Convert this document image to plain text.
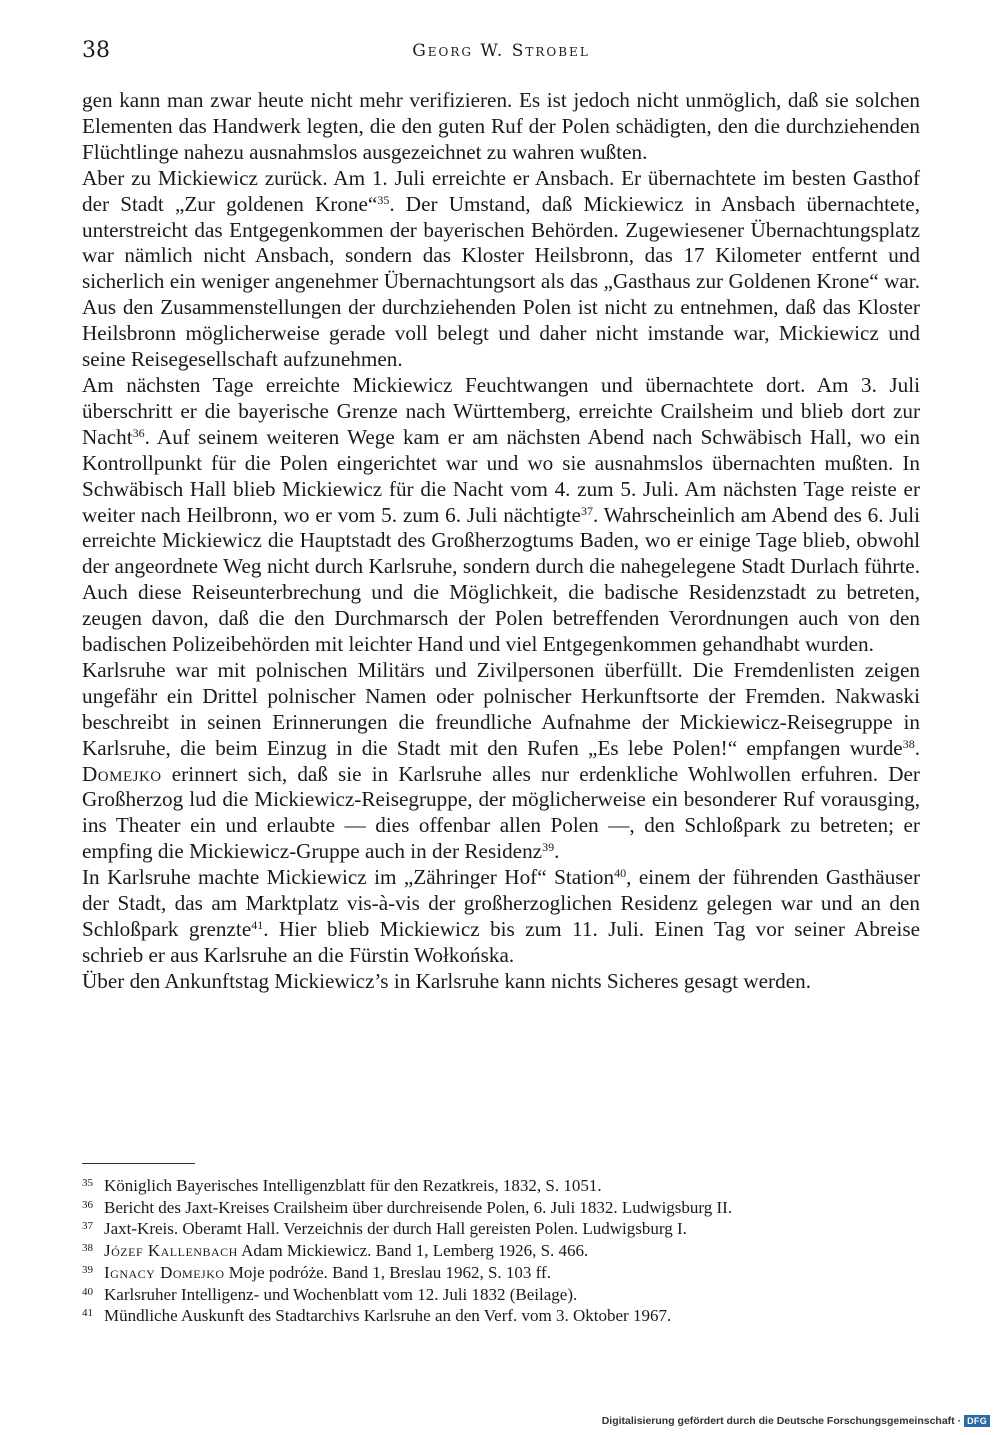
38	Georg W. Strobel

gen kann man zwar heute nicht mehr verifizieren. Es ist jedoch nicht unmöglich, daß sie solchen Elementen das Handwerk legten, die den guten Ruf der Polen schädigten, den die durchziehenden Flüchtlinge nahezu ausnahmslos ausgezeichnet zu wahren wußten.

Aber zu Mickiewicz zurück. Am 1. Juli erreichte er Ansbach. Er übernachtete im besten Gasthof der Stadt „Zur goldenen Krone“$^{35}$. Der Umstand, daß Mickiewicz in Ansbach übernachtete, unterstreicht das Entgegenkommen der bayerischen Behörden. Zugewiesener Übernachtungsplatz war nämlich nicht Ansbach, sondern das Kloster Heilsbronn, das 17 Kilometer entfernt und sicherlich ein weniger angenehmer Übernachtungsort als das „Gasthaus zur Goldenen Krone“ war. Aus den Zusammenstellungen der durchziehenden Polen ist nicht zu entnehmen, daß das Kloster Heilsbronn möglicherweise gerade voll belegt und daher nicht imstande war, Mickiewicz und seine Reisegesellschaft aufzunehmen.

Am nächsten Tage erreichte Mickiewicz Feuchtwangen und übernachtete dort. Am 3. Juli überschritt er die bayerische Grenze nach Württemberg, erreichte Crailsheim und blieb dort zur Nacht$^{36}$. Auf seinem weiteren Wege kam er am nächsten Abend nach Schwäbisch Hall, wo ein Kontrollpunkt für die Polen eingerichtet war und wo sie ausnahmslos übernachten mußten. In Schwäbisch Hall blieb Mickiewicz für die Nacht vom 4. zum 5. Juli. Am nächsten Tage reiste er weiter nach Heilbronn, wo er vom 5. zum 6. Juli nächtigte$^{37}$. Wahrscheinlich am Abend des 6. Juli erreichte Mickiewicz die Hauptstadt des Großherzogtums Baden, wo er einige Tage blieb, obwohl der angeordnete Weg nicht durch Karlsruhe, sondern durch die nahegelegene Stadt Durlach führte. Auch diese Reiseunterbrechung und die Möglichkeit, die badische Residenzstadt zu betreten, zeugen davon, daß die den Durchmarsch der Polen betreffenden Verordnungen auch von den badischen Polizeibehörden mit leichter Hand und viel Entgegenkommen gehandhabt wurden.

Karlsruhe war mit polnischen Militärs und Zivilpersonen überfüllt. Die Fremdenlisten zeigen ungefähr ein Drittel polnischer Namen oder polnischer Herkunftsorte der Fremden. Nakwaski beschreibt in seinen Erinnerungen die freundliche Aufnahme der Mickiewicz-Reisegruppe in Karlsruhe, die beim Einzug in die Stadt mit den Rufen „Es lebe Polen!“ empfangen wurde$^{38}$. Domejko erinnert sich, daß sie in Karlsruhe alles nur erdenkliche Wohlwollen erfuhren. Der Großherzog lud die Mickiewicz-Reisegruppe, der möglicherweise ein besonderer Ruf vorausging, ins Theater ein und erlaubte — dies offenbar allen Polen —, den Schloßpark zu betreten; er empfing die Mickiewicz-Gruppe auch in der Residenz$^{39}$.

In Karlsruhe machte Mickiewicz im „Zähringer Hof“ Station$^{40}$, einem der führenden Gasthäuser der Stadt, das am Marktplatz vis-à-vis der großherzoglichen Residenz gelegen war und an den Schloßpark grenzte$^{41}$. Hier blieb Mickiewicz bis zum 11. Juli. Einen Tag vor seiner Abreise schrieb er aus Karlsruhe an die Fürstin Wołkońska.

Über den Ankunftstag Mickiewicz’s in Karlsruhe kann nichts Sicheres gesagt werden.

35 Königlich Bayerisches Intelligenzblatt für den Rezatkreis, 1832, S. 1051.

36 Bericht des Jaxt-Kreises Crailsheim über durchreisende Polen, 6. Juli 1832. Ludwigsburg II.

37 Jaxt-Kreis. Oberamt Hall. Verzeichnis der durch Hall gereisten Polen. Ludwigsburg I.

38 Józef Kallenbach Adam Mickiewicz. Band 1, Lemberg 1926, S. 466.

39 Ignacy Domejko Moje podróże. Band 1, Breslau 1962, S. 103 ff.

40 Karlsruher Intelligenz- und Wochenblatt vom 12. Juli 1832 (Beilage).

41 Mündliche Auskunft des Stadtarchivs Karlsruhe an den Verf. vom 3. Oktober 1967.

Digitalisierung gefördert durch die Deutsche Forschungsgemeinschaft · DFG
